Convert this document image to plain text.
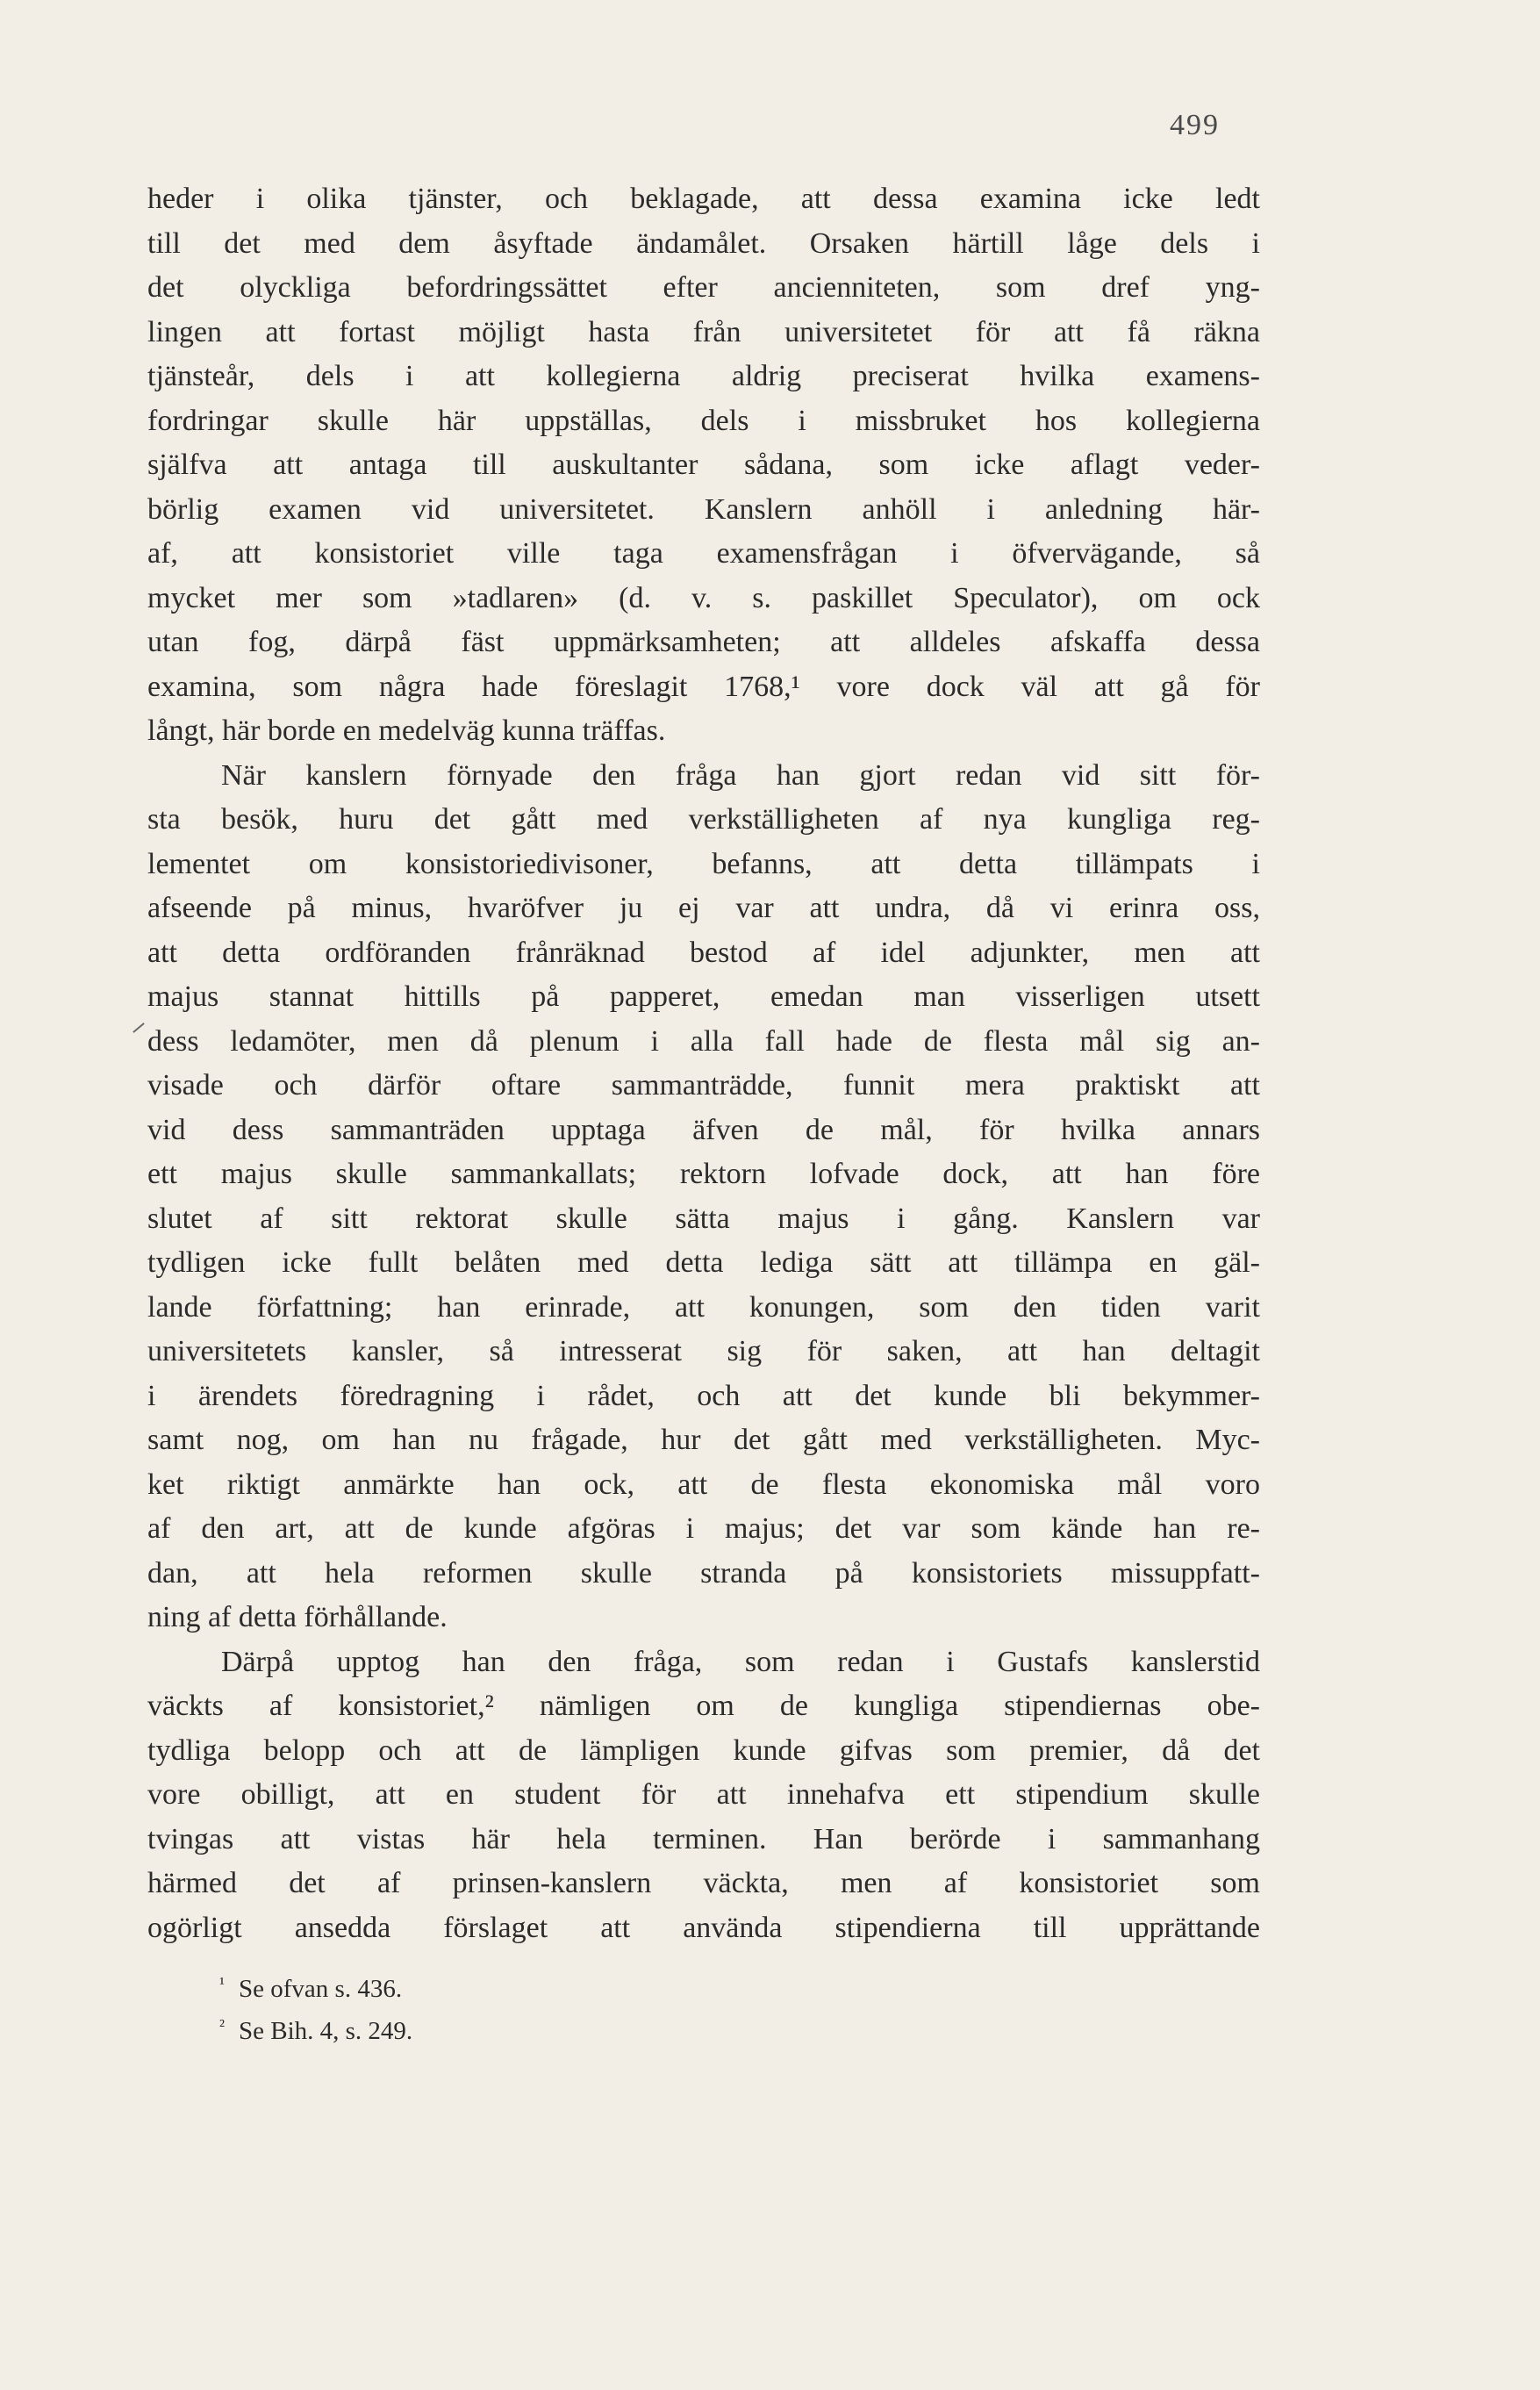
499
heder i olika tjänster, och beklagade, att dessa examina icke ledt
till det med dem åsyftade ändamålet. Orsaken härtill låge dels i
det olyckliga befordringssättet efter ancienniteten, som dref yng-
lingen att fortast möjligt hasta från universitetet för att få räkna
tjänsteår, dels i att kollegierna aldrig preciserat hvilka examens-
fordringar skulle här uppställas, dels i missbruket hos kollegierna
själfva att antaga till auskultanter sådana, som icke aflagt veder-
börlig examen vid universitetet. Kanslern anhöll i anledning här-
af, att konsistoriet ville taga examensfrågan i öfvervägande, så
mycket mer som »tadlaren» (d. v. s. paskillet Speculator), om ock
utan fog, därpå fäst uppmärksamheten; att alldeles afskaffa dessa
examina, som några hade föreslagit 1768,¹ vore dock väl att gå för
långt, här borde en medelväg kunna träffas.
När kanslern förnyade den fråga han gjort redan vid sitt för-
sta besök, huru det gått med verkställigheten af nya kungliga reg-
lementet om konsistoriedivisoner, befanns, att detta tillämpats i
afseende på minus, hvaröfver ju ej var att undra, då vi erinra oss,
att detta ordföranden frånräknad bestod af idel adjunkter, men att
majus stannat hittills på papperet, emedan man visserligen utsett
dess ledamöter, men då plenum i alla fall hade de flesta mål sig an-
visade och därför oftare sammanträdde, funnit mera praktiskt att
vid dess sammanträden upptaga äfven de mål, för hvilka annars
ett majus skulle sammankallats; rektorn lofvade dock, att han före
slutet af sitt rektorat skulle sätta majus i gång. Kanslern var
tydligen icke fullt belåten med detta lediga sätt att tillämpa en gäl-
lande författning; han erinrade, att konungen, som den tiden varit
universitetets kansler, så intresserat sig för saken, att han deltagit
i ärendets föredragning i rådet, och att det kunde bli bekymmer-
samt nog, om han nu frågade, hur det gått med verkställigheten. Myc-
ket riktigt anmärkte han ock, att de flesta ekonomiska mål voro
af den art, att de kunde afgöras i majus; det var som kände han re-
dan, att hela reformen skulle stranda på konsistoriets missuppfatt-
ning af detta förhållande.
Därpå upptog han den fråga, som redan i Gustafs kanslerstid
väckts af konsistoriet,² nämligen om de kungliga stipendiernas obe-
tydliga belopp och att de lämpligen kunde gifvas som premier, då det
vore obilligt, att en student för att innehafva ett stipendium skulle
tvingas att vistas här hela terminen. Han berörde i sammanhang
härmed det af prinsen-kanslern väckta, men af konsistoriet som
ogörligt ansedda förslaget att använda stipendierna till upprättande
¹ Se ofvan s. 436.
² Se Bih. 4, s. 249.
